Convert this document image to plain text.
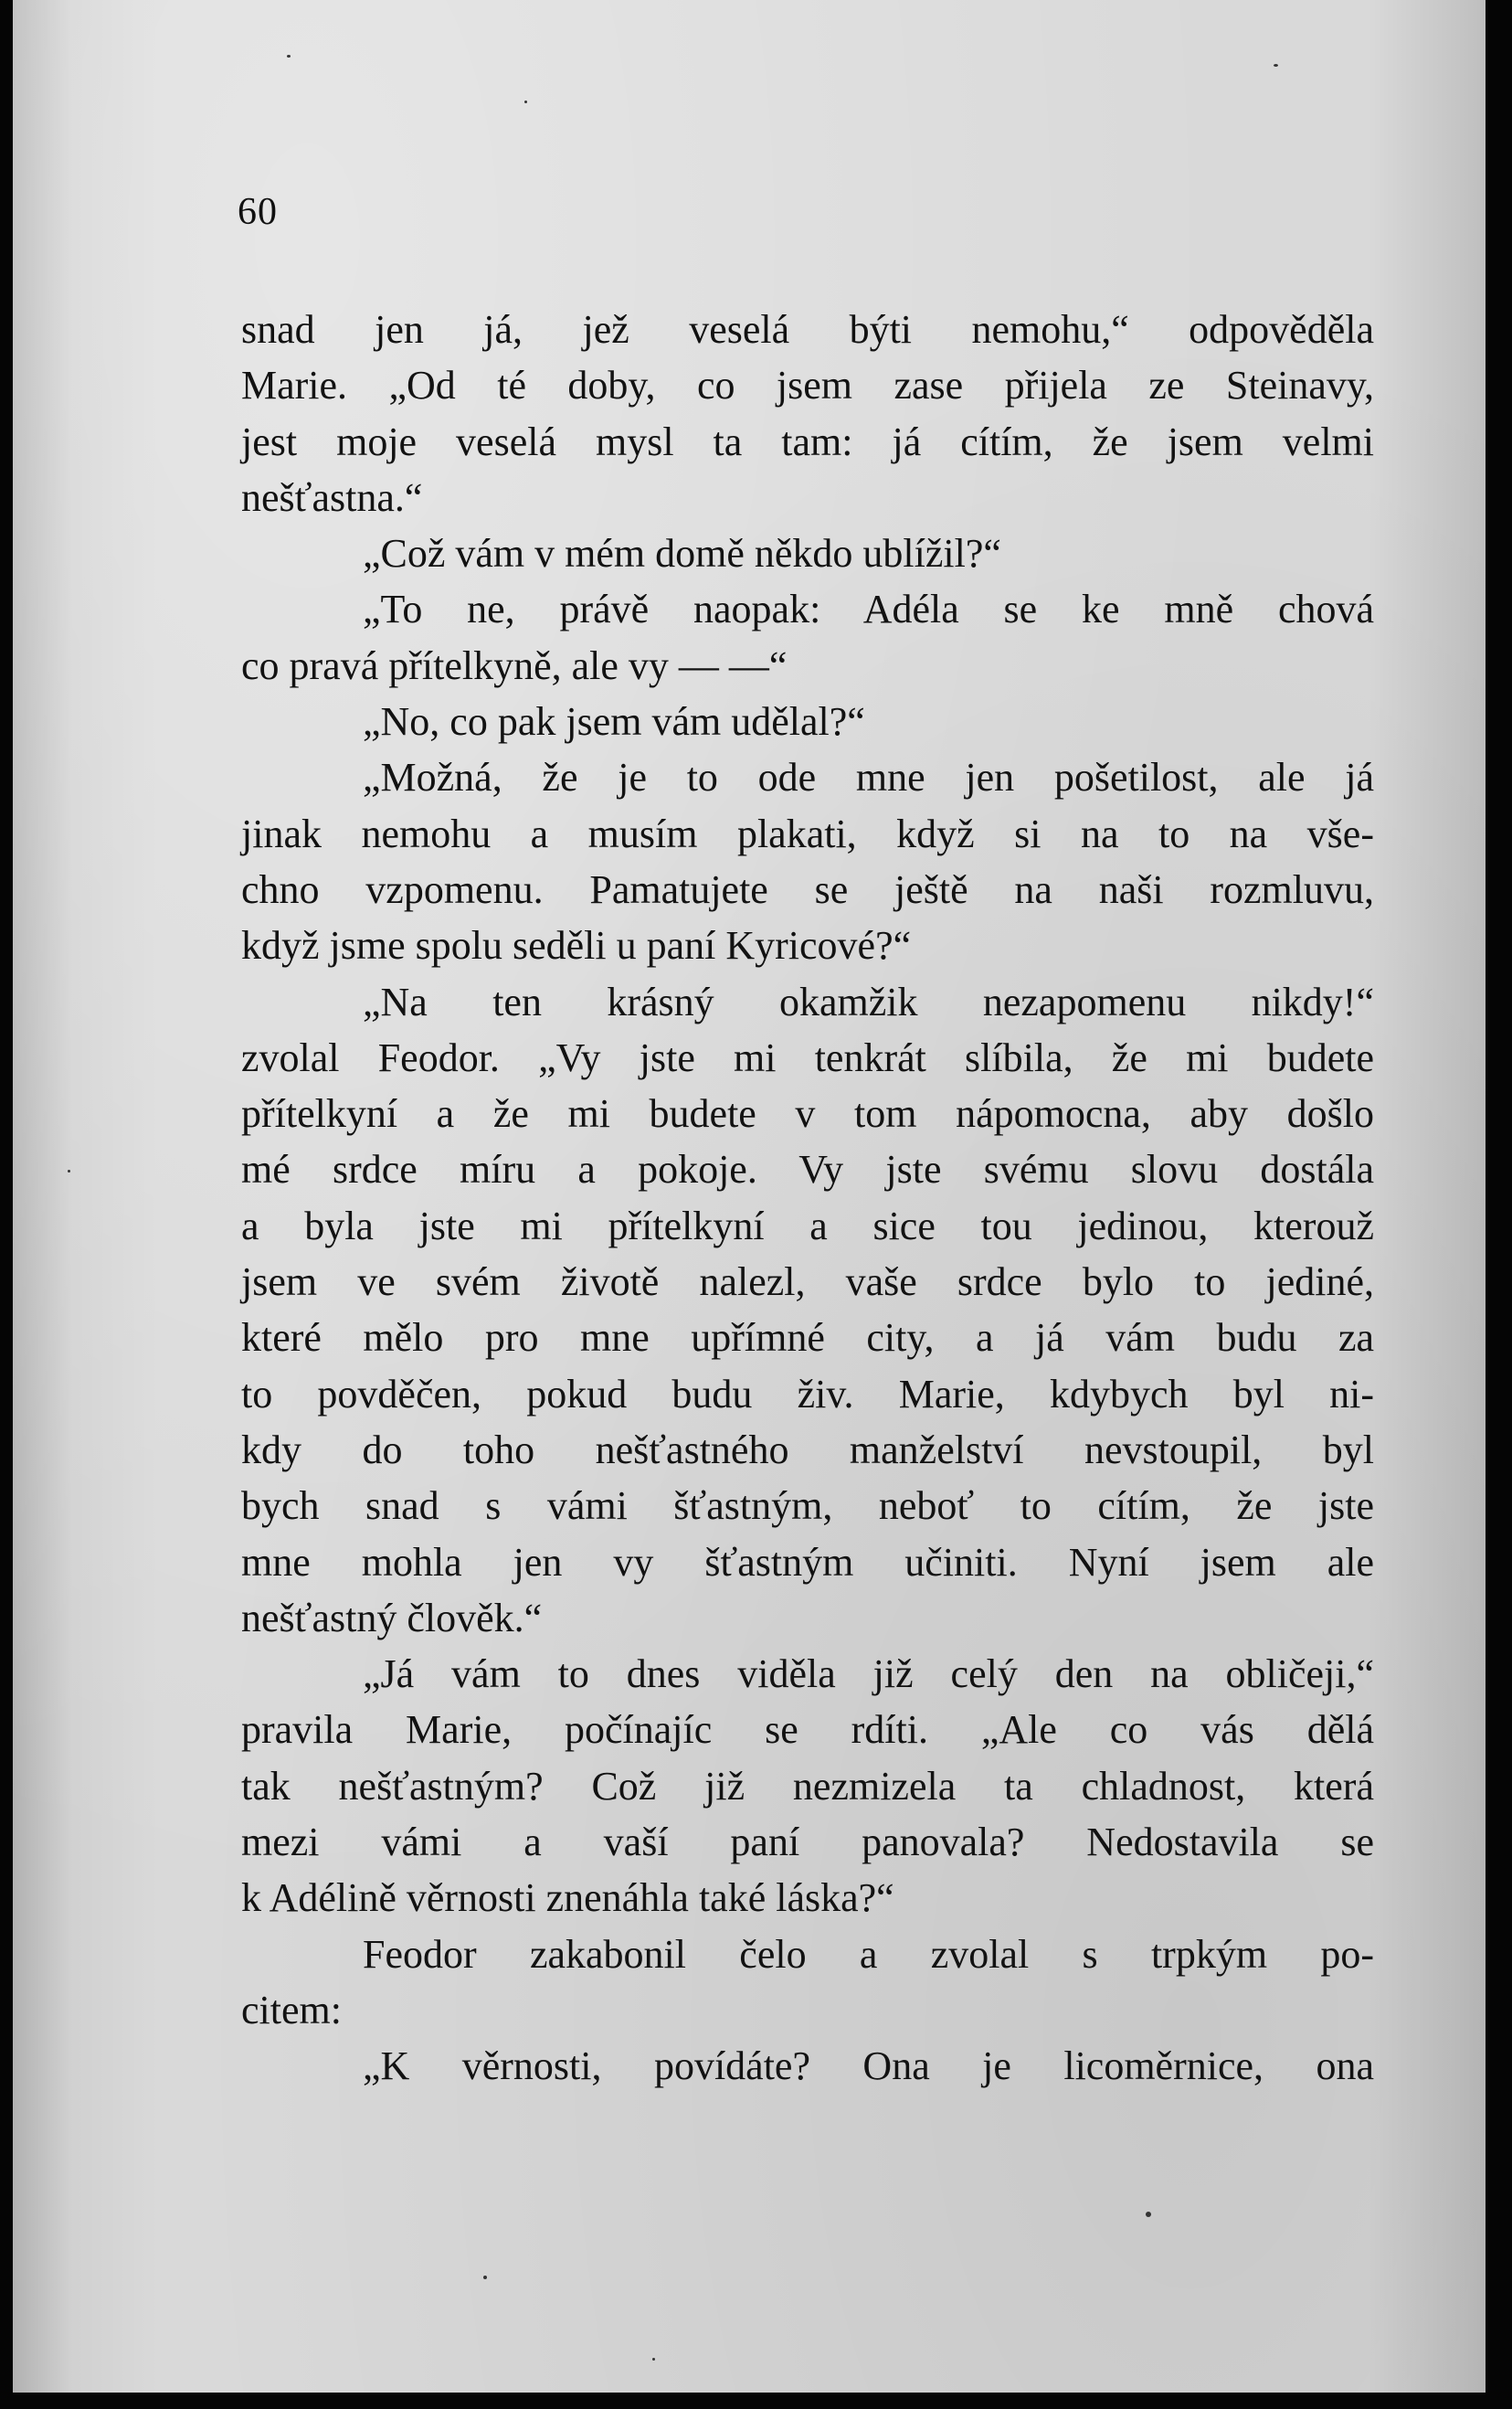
60
snad jen já, jež veselá býti nemohu,“ odpověděla
Marie. „Od té doby, co jsem zase přijela ze Steinavy,
jest moje veselá mysl ta tam: já cítím, že jsem velmi
nešťastna.“
„Což vám v mém domě někdo ublížil?“
„To ne, právě naopak: Adéla se ke mně chová
co pravá přítelkyně, ale vy — —“
„No, co pak jsem vám udělal?“
„Možná, že je to ode mne jen pošetilost, ale já
jinak nemohu a musím plakati, když si na to na vše-
chno vzpomenu. Pamatujete se ještě na naši rozmluvu,
když jsme spolu seděli u paní Kyricové?“
„Na ten krásný okamžik nezapomenu nikdy!“
zvolal Feodor. „Vy jste mi tenkrát slíbila, že mi budete
přítelkyní a že mi budete v tom nápomocna, aby došlo
mé srdce míru a pokoje. Vy jste svému slovu dostála
a byla jste mi přítelkyní a sice tou jedinou, kterouž
jsem ve svém životě nalezl, vaše srdce bylo to jediné,
které mělo pro mne upřímné city, a já vám budu za
to povděčen, pokud budu živ. Marie, kdybych byl ni-
kdy do toho nešťastného manželství nevstoupil, byl
bych snad s vámi šťastným, neboť to cítím, že jste
mne mohla jen vy šťastným učiniti. Nyní jsem ale
nešťastný člověk.“
„Já vám to dnes viděla již celý den na obličeji,“
pravila Marie, počínajíc se rdíti. „Ale co vás dělá
tak nešťastným? Což již nezmizela ta chladnost, která
mezi vámi a vaší paní panovala? Nedostavila se
k Adélině věrnosti znenáhla také láska?“
Feodor zakabonil čelo a zvolal s trpkým po-
citem:
„K věrnosti, povídáte? Ona je licoměrnice, ona
